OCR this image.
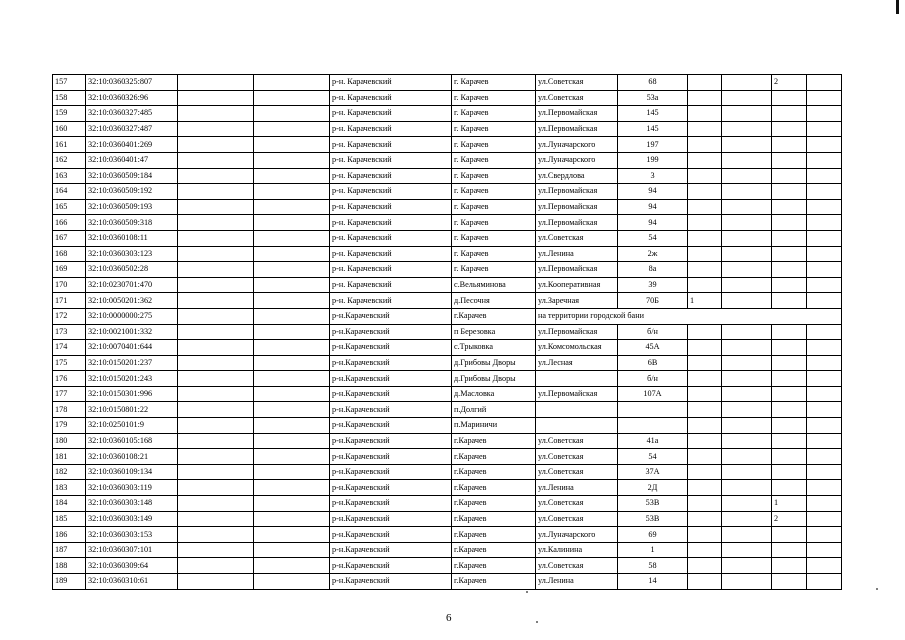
157	32:10:0360325:807			р-н. Карачевский	г. Карачев	ул.Советская	68			2	
158	32:10:0360326:96			р-н. Карачевский	г. Карачев	ул.Советская	53а				
159	32:10:0360327:485			р-н. Карачевский	г. Карачев	ул.Первомайская	145				
160	32:10:0360327:487			р-н. Карачевский	г. Карачев	ул.Первомайская	145				
161	32:10:0360401:269			р-н. Карачевский	г. Карачев	ул.Луначарского	197				
162	32:10:0360401:47			р-н. Карачевский	г. Карачев	ул.Луначарского	199				
163	32:10:0360509:184			р-н. Карачевский	г. Карачев	ул.Свердлова	3				
164	32:10:0360509:192			р-н. Карачевский	г. Карачев	ул.Первомайская	94				
165	32:10:0360509:193			р-н. Карачевский	г. Карачев	ул.Первомайская	94				
166	32:10:0360509:318			р-н. Карачевский	г. Карачев	ул.Первомайская	94				
167	32:10:0360108:11			р-н. Карачевский	г. Карачев	ул.Советская	54				
168	32:10:0360303:123			р-н. Карачевский	г. Карачев	ул.Ленина	2ж				
169	32:10:0360502:28			р-н. Карачевский	г. Карачев	ул.Первомайская	8а				
170	32:10:0230701:470			р-н. Карачевский	с.Вельяминова	ул.Кооперативная	39				
171	32:10:0050201:362			р-н. Карачевский	д.Песочня	ул.Заречная	70Б	1			
172	32:10:0000000:275			р-н.Карачевский	г.Карачев	на территории городской бани					
173	32:10:0021001:332			р-н.Карачевский	п Березовка	ул.Первомайская	б/н				
174	32:10:0070401:644			р-н.Карачевский	с.Трыковка	ул.Комсомольская	45А				
175	32:10:0150201:237			р-н.Карачевский	д.Грибовы Дворы	ул.Лесная	6В				
176	32:10:0150201:243			р-н.Карачевский	д.Грибовы Дворы		б/н				
177	32:10:0150301:996			р-н.Карачевский	д.Масловка	ул.Первомайская	107А				
178	32:10:0150801:22			р-н.Карачевский	п.Долгий						
179	32:10:0250101:9			р-н.Карачевский	п.Мариничи						
180	32:10:0360105:168			р-н.Карачевский	г.Карачев	ул.Советская	41а				
181	32:10:0360108:21			р-н.Карачевский	г.Карачев	ул.Советская	54				
182	32:10:0360109:134			р-н.Карачевский	г.Карачев	ул.Советская	37А				
183	32:10:0360303:119			р-н.Карачевский	г.Карачев	ул.Ленина	2Д				
184	32:10:0360303:148			р-н.Карачевский	г.Карачев	ул.Советская	53В			1	
185	32:10:0360303:149			р-н.Карачевский	г.Карачев	ул.Советская	53В			2	
186	32:10:0360303:153			р-н.Карачевский	г.Карачев	ул.Луначарского	69				
187	32:10:0360307:101			р-н.Карачевский	г.Карачев	ул.Калинина	1				
188	32:10:0360309:64			р-н.Карачевский	г.Карачев	ул.Советская	58				
189	32:10:0360310:61			р-н.Карачевский	г.Карачев	ул.Ленина	14				
6
